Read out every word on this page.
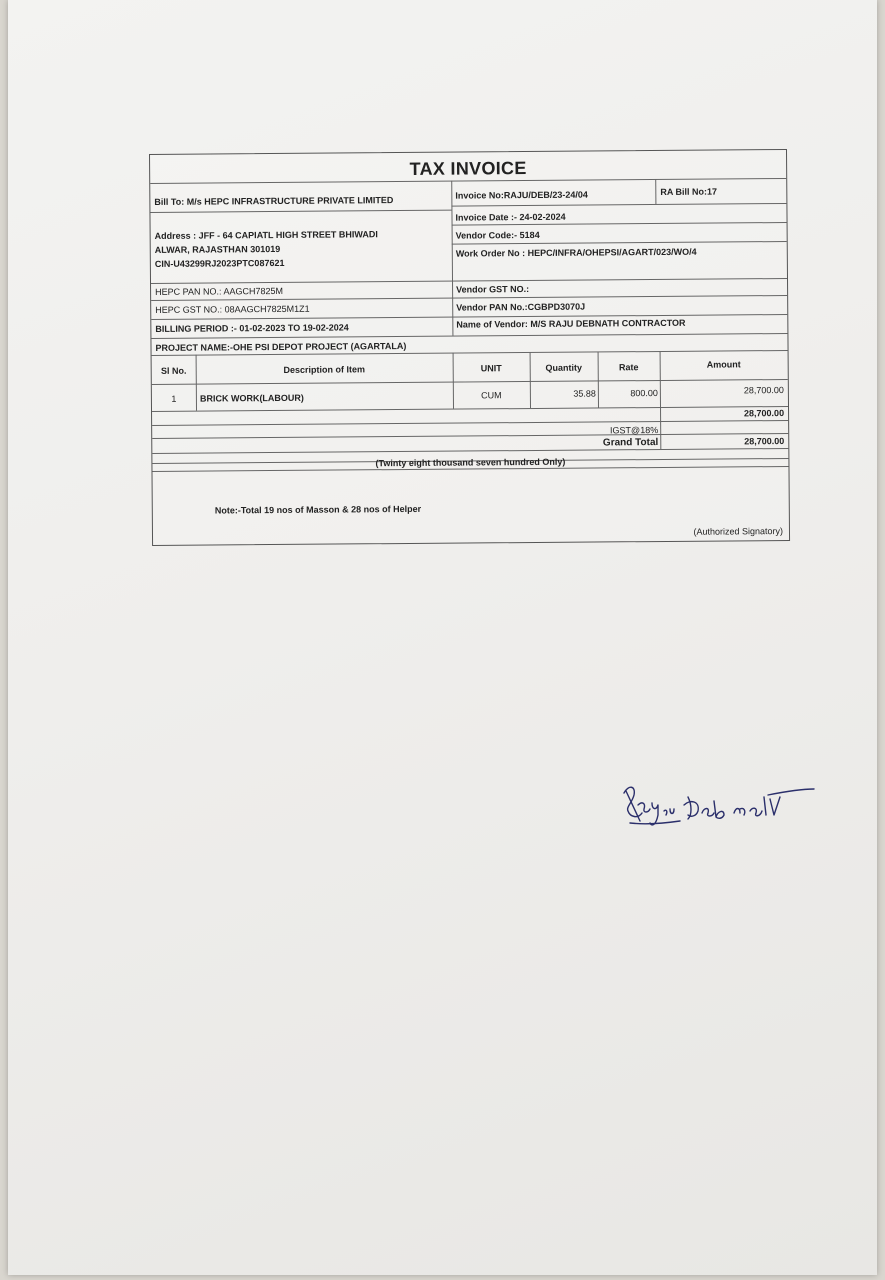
TAX INVOICE
Bill To: M/s HEPC INFRASTRUCTURE PRIVATE LIMITED
Invoice No:RAJU/DEB/23-24/04	RA Bill No:17
Invoice Date :- 24-02-2024
Address : JFF - 64 CAPIATL HIGH STREET BHIWADI
ALWAR, RAJASTHAN 301019
CIN-U43299RJ2023PTC087621
Vendor Code:- 5184
Work Order No : HEPC/INFRA/OHEPSI/AGART/023/WO/4
HEPC PAN NO.: AAGCH7825M	Vendor GST NO.:
HEPC GST NO.: 08AAGCH7825M1Z1	Vendor PAN No.:CGBPD3070J
BILLING PERIOD :- 01-02-2023 TO 19-02-2024	Name of Vendor: M/S RAJU DEBNATH CONTRACTOR
PROJECT NAME:-OHE PSI DEPOT PROJECT (AGARTALA)
Sl No.	Description of Item	UNIT	Quantity	Rate	Amount
1	BRICK WORK(LABOUR)	CUM	35.88	800.00	28,700.00
28,700.00
IGST@18%
Grand Total	28,700.00
(Twinty eight thousand seven hundred Only)
Note:-Total 19 nos of Masson & 28 nos of Helper
(Authorized Signatory)
